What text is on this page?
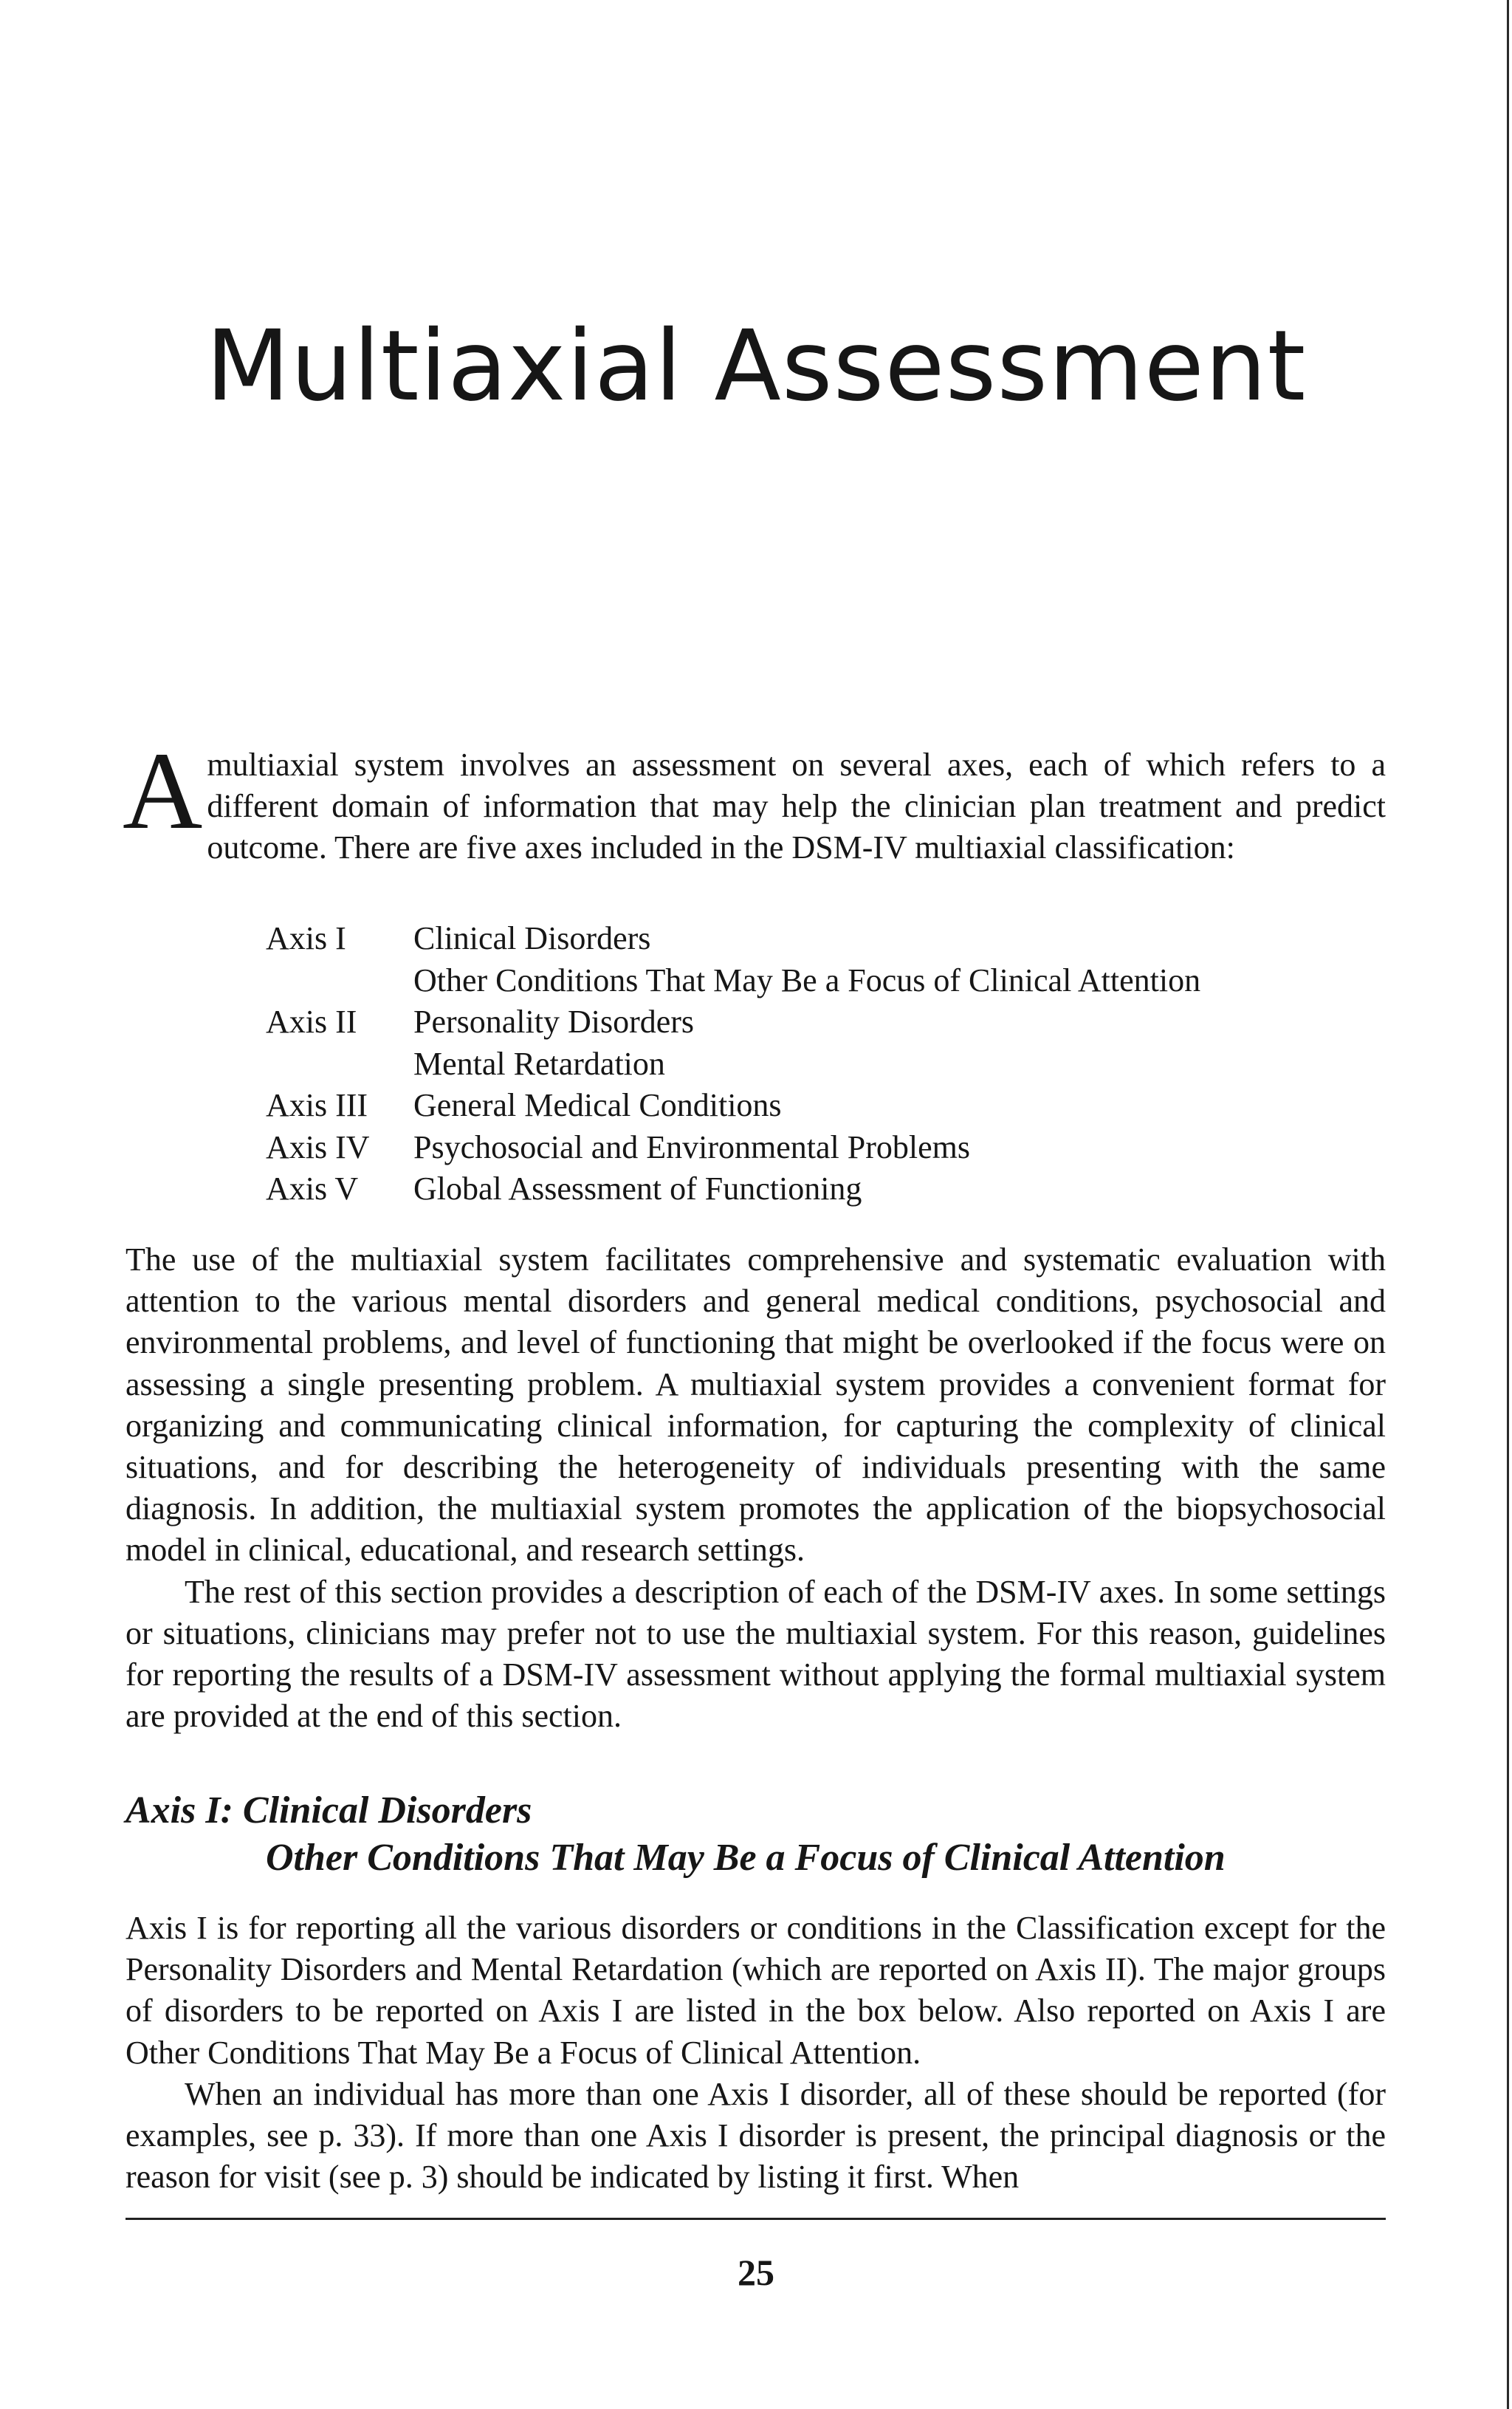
Multiaxial Assessment
Amultiaxial system involves an assessment on several axes, each of which refers to a different domain of information that may help the clinician plan treatment and predict outcome. There are five axes included in the DSM-IV multiaxial classification:
Axis I	Clinical Disorders
Other Conditions That May Be a Focus of Clinical Attention
Axis II	Personality Disorders
Mental Retardation
Axis III	General Medical Conditions
Axis IV	Psychosocial and Environmental Problems
Axis V	Global Assessment of Functioning

The use of the multiaxial system facilitates comprehensive and systematic evaluation with attention to the various mental disorders and general medical conditions, psychosocial and environmental problems, and level of functioning that might be overlooked if the focus were on assessing a single presenting problem. A multiaxial system provides a convenient format for organizing and communicating clinical information, for capturing the complexity of clinical situations, and for describing the heterogeneity of individuals presenting with the same diagnosis. In addition, the multiaxial system promotes the application of the biopsychosocial model in clinical, educational, and research settings.

The rest of this section provides a description of each of the DSM-IV axes. In some settings or situations, clinicians may prefer not to use the multiaxial system. For this reason, guidelines for reporting the results of a DSM-IV assessment without applying the formal multiaxial system are provided at the end of this section.

Axis I: Clinical Disorders
Other Conditions That May Be a Focus of Clinical Attention

Axis I is for reporting all the various disorders or conditions in the Classification except for the Personality Disorders and Mental Retardation (which are reported on Axis II). The major groups of disorders to be reported on Axis I are listed in the box below. Also reported on Axis I are Other Conditions That May Be a Focus of Clinical Attention.

When an individual has more than one Axis I disorder, all of these should be reported (for examples, see p. 33). If more than one Axis I disorder is present, the principal diagnosis or the reason for visit (see p. 3) should be indicated by listing it first. When

25
